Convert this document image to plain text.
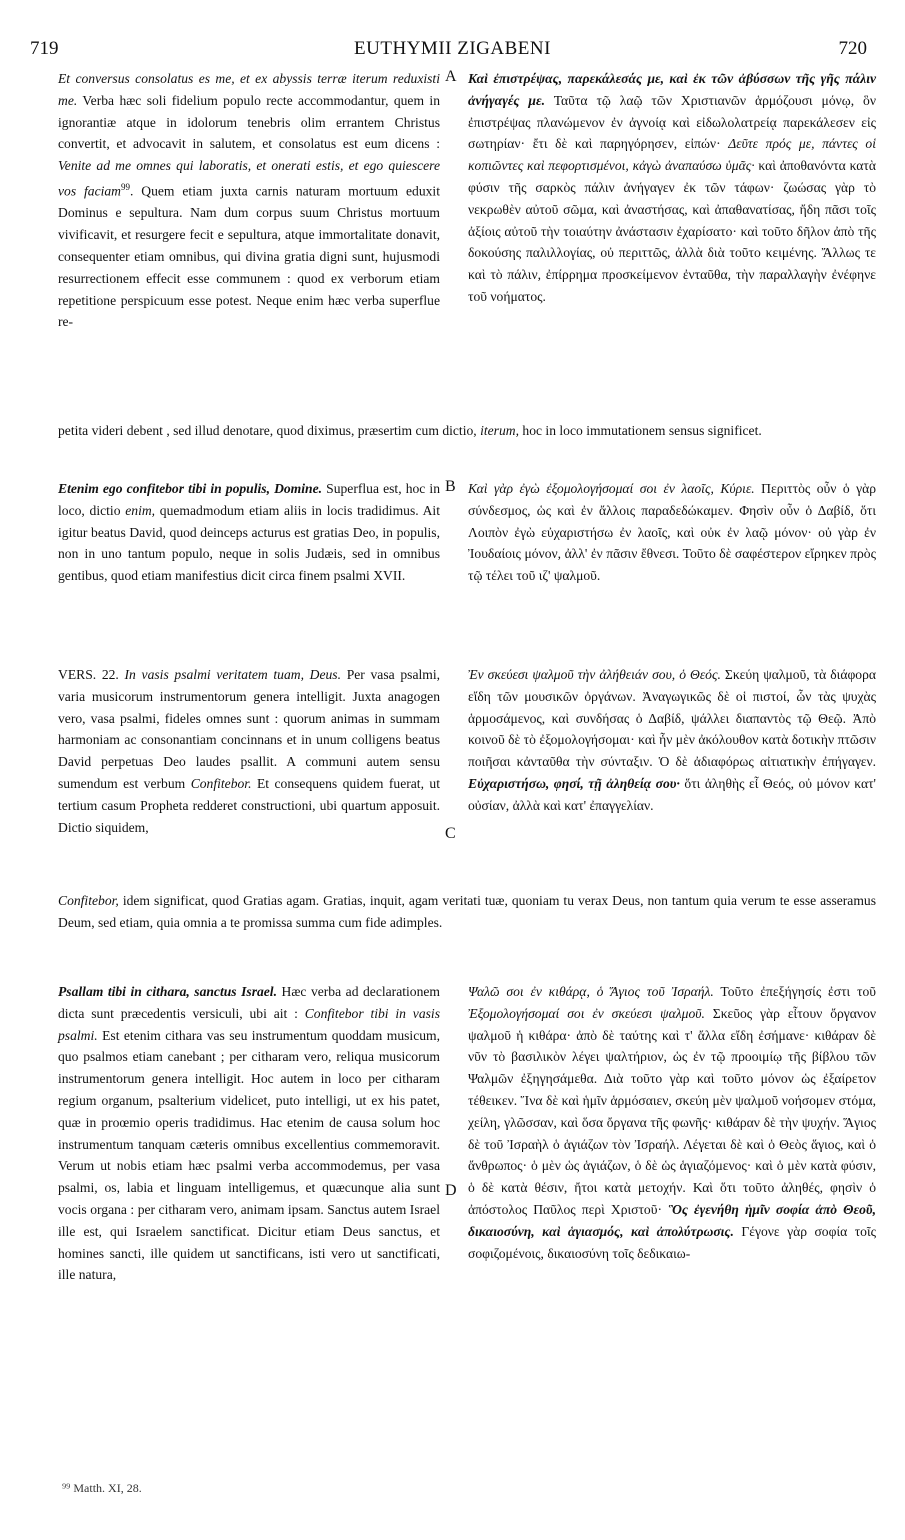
719	EUTHYMII ZIGABENI	720
A
B
C
D
Et conversus consolatus es me, et ex abyssis terræ iterum reduxisti me. Verba hæc soli fidelium populo recte accommodantur, quem in ignorantiæ atque in idolorum tenebris olim errantem Christus convertit, et advocavit in salutem, et consolatus est eum dicens : Venite ad me omnes qui laboratis, et onerati estis, et ego quiescere vos faciam$^{99}$. Quem etiam juxta carnis naturam mortuum eduxit Dominus e sepultura. Nam dum corpus suum Christus mortuum vivificavit, et resurgere fecit e sepultura, atque immortalitate donavit, consequenter etiam omnibus, qui divina gratia digni sunt, hujusmodi resurrectionem effecit esse communem : quod ex verborum etiam repetitione perspicuum esse potest. Neque enim hæc verba superflue re-
Καὶ ἐπιστρέψας, παρεκάλεσάς με, καὶ ἐκ τῶν ἀβύσσων τῆς γῆς πάλιν ἀνήγαγές με. Ταῦτα τῷ λαῷ τῶν Χριστιανῶν ἁρμόζουσι μόνῳ, ὃν ἐπιστρέψας πλανώμενον ἐν ἀγνοίᾳ καὶ εἰδωλολατρείᾳ παρεκάλεσεν εἰς σωτηρίαν· ἔτι δὲ καὶ παρηγόρησεν, εἰπών· Δεῦτε πρός με, πάντες οἱ κοπιῶντες καὶ πεφορτισμένοι, κἀγὼ ἀναπαύσω ὑμᾶς· καὶ ἀποθανόντα κατὰ φύσιν τῆς σαρκὸς πάλιν ἀνήγαγεν ἐκ τῶν τάφων· ζωώσας γὰρ τὸ νεκρωθὲν αὐτοῦ σῶμα, καὶ ἀναστήσας, καὶ ἀπαθανατίσας, ἤδη πᾶσι τοῖς ἀξίοις αὐτοῦ τὴν τοιαύτην ἀνάστασιν ἐχαρίσατο· καὶ τοῦτο δῆλον ἀπὸ τῆς δοκούσης παλιλλογίας, οὐ περιττῶς, ἀλλὰ διὰ τοῦτο κειμένης. Ἄλλως τε καὶ τὸ πάλιν, ἐπίρρημα προσκείμενον ἐνταῦθα, τὴν παραλλαγὴν ἐνέφηνε τοῦ νοήματος.
petita videri debent , sed illud denotare, quod diximus, præsertim cum dictio, iterum, hoc in loco immutationem sensus significet.
Etenim ego confitebor tibi in populis, Domine. Superflua est, hoc in loco, dictio enim, quemadmodum etiam aliis in locis tradidimus. Ait igitur beatus David, quod deinceps acturus est gratias Deo, in populis, non in uno tantum populo, neque in solis Judæis, sed in omnibus gentibus, quod etiam manifestius dicit circa finem psalmi XVII.
Καὶ γὰρ ἐγὼ ἐξομολογήσομαί σοι ἐν λαοῖς, Κύριε. Περιττὸς οὖν ὁ γὰρ σύνδεσμος, ὡς καὶ ἐν ἄλλοις παραδεδώκαμεν. Φησὶν οὖν ὁ Δαβίδ, ὅτι Λοιπὸν ἐγὼ εὐχαριστήσω ἐν λαοῖς, καὶ οὐκ ἐν λαῷ μόνον· οὐ γὰρ ἐν Ἰουδαίοις μόνον, ἀλλ' ἐν πᾶσιν ἔθνεσι. Τοῦτο δὲ σαφέστερον εἴρηκεν πρὸς τῷ τέλει τοῦ ιζ' ψαλμοῦ.
VERS. 22. In vasis psalmi veritatem tuam, Deus. Per vasa psalmi, varia musicorum instrumentorum genera intelligit. Juxta anagogen vero, vasa psalmi, fideles omnes sunt : quorum animas in summam harmoniam ac consonantiam concinnans et in unum colligens beatus David perpetuas Deo laudes psallit. A communi autem sensu sumendum est verbum Confitebor. Et consequens quidem fuerat, ut tertium casum Propheta redderet constructioni, ubi quartum apposuit. Dictio siquidem,
Ἐν σκεύεσι ψαλμοῦ τὴν ἀλήθειάν σου, ὁ Θεός. Σκεύη ψαλμοῦ, τὰ διάφορα εἴδη τῶν μουσικῶν ὀργάνων. Ἀναγωγικῶς δὲ οἱ πιστοί, ὧν τὰς ψυχὰς ἁρμοσάμενος, καὶ συνδήσας ὁ Δαβίδ, ψάλλει διαπαντὸς τῷ Θεῷ. Ἀπὸ κοινοῦ δὲ τὸ ἐξομολογήσομαι· καὶ ἦν μὲν ἀκόλουθον κατὰ δοτικὴν πτῶσιν ποιῆσαι κἀνταῦθα τὴν σύνταξιν. Ὁ δὲ ἀδιαφόρως αἰτιατικὴν ἐπήγαγεν. Εὐχαριστήσω, φησί, τῇ ἀληθείᾳ σου· ὅτι ἀληθὴς εἶ Θεός, οὐ μόνον κατ' οὐσίαν, ἀλλὰ καὶ κατ' ἐπαγγελίαν.
Confitebor, idem significat, quod Gratias agam. Gratias, inquit, agam veritati tuæ, quoniam tu verax Deus, non tantum quia verum te esse asseramus Deum, sed etiam, quia omnia a te promissa summa cum fide adimples.
Psallam tibi in cithara, sanctus Israel. Hæc verba ad declarationem dicta sunt præcedentis versiculi, ubi ait : Confitebor tibi in vasis psalmi. Est etenim cithara vas seu instrumentum quoddam musicum, quo psalmos etiam canebant ; per citharam vero, reliqua musicorum instrumentorum genera intelligit. Hoc autem in loco per citharam regium organum, psalterium videlicet, puto intelligi, ut ex his patet, quæ in proœmio operis tradidimus. Hac etenim de causa solum hoc instrumentum tanquam cæteris omnibus excellentius commemoravit. Verum ut nobis etiam hæc psalmi verba accommodemus, per vasa psalmi, os, labia et linguam intelligemus, et quæcunque alia sunt vocis organa : per citharam vero, animam ipsam. Sanctus autem Israel ille est, qui Israelem sanctificat. Dicitur etiam Deus sanctus, et homines sancti, ille quidem ut sanctificans, isti vero ut sanctificati, ille natura,
Ψαλῶ σοι ἐν κιθάρᾳ, ὁ Ἅγιος τοῦ Ἰσραήλ. Τοῦτο ἐπεξήγησίς ἐστι τοῦ Ἐξομολογήσομαί σοι ἐν σκεύεσι ψαλμοῦ. Σκεῦος γὰρ εἶτουν ὄργανον ψαλμοῦ ἡ κιθάρα· ἀπὸ δὲ ταύτης καὶ τ' ἄλλα εἴδη ἐσήμανε· κιθάραν δὲ νῦν τὸ βασιλικὸν λέγει ψαλτήριον, ὡς ἐν τῷ προοιμίῳ τῆς βίβλου τῶν Ψαλμῶν ἐξηγησάμεθα. Διὰ τοῦτο γὰρ καὶ τοῦτο μόνον ὡς ἐξαίρετον τέθεικεν. Ἵνα δὲ καὶ ἡμῖν ἁρμόσαιεν, σκεύη μὲν ψαλμοῦ νοήσομεν στόμα, χείλη, γλῶσσαν, καὶ ὅσα ὄργανα τῆς φωνῆς· κιθάραν δὲ τὴν ψυχήν. Ἅγιος δὲ τοῦ Ἰσραὴλ ὁ ἁγιάζων τὸν Ἰσραήλ. Λέγεται δὲ καὶ ὁ Θεὸς ἅγιος, καὶ ὁ ἄνθρωπος· ὁ μὲν ὡς ἁγιάζων, ὁ δὲ ὡς ἁγιαζόμενος· καὶ ὁ μὲν κατὰ φύσιν, ὁ δὲ κατὰ θέσιν, ἤτοι κατὰ μετοχήν. Καὶ ὅτι τοῦτο ἀληθές, φησὶν ὁ ἀπόστολος Παῦλος περὶ Χριστοῦ· Ὃς ἐγενήθη ἡμῖν σοφία ἀπὸ Θεοῦ, δικαιοσύνη, καὶ ἁγιασμός, καὶ ἀπολύτρωσις. Γέγονε γὰρ σοφία τοῖς σοφιζομένοις, δικαιοσύνη τοῖς δεδικαιω-
⁹⁹ Matth. XI, 28.
